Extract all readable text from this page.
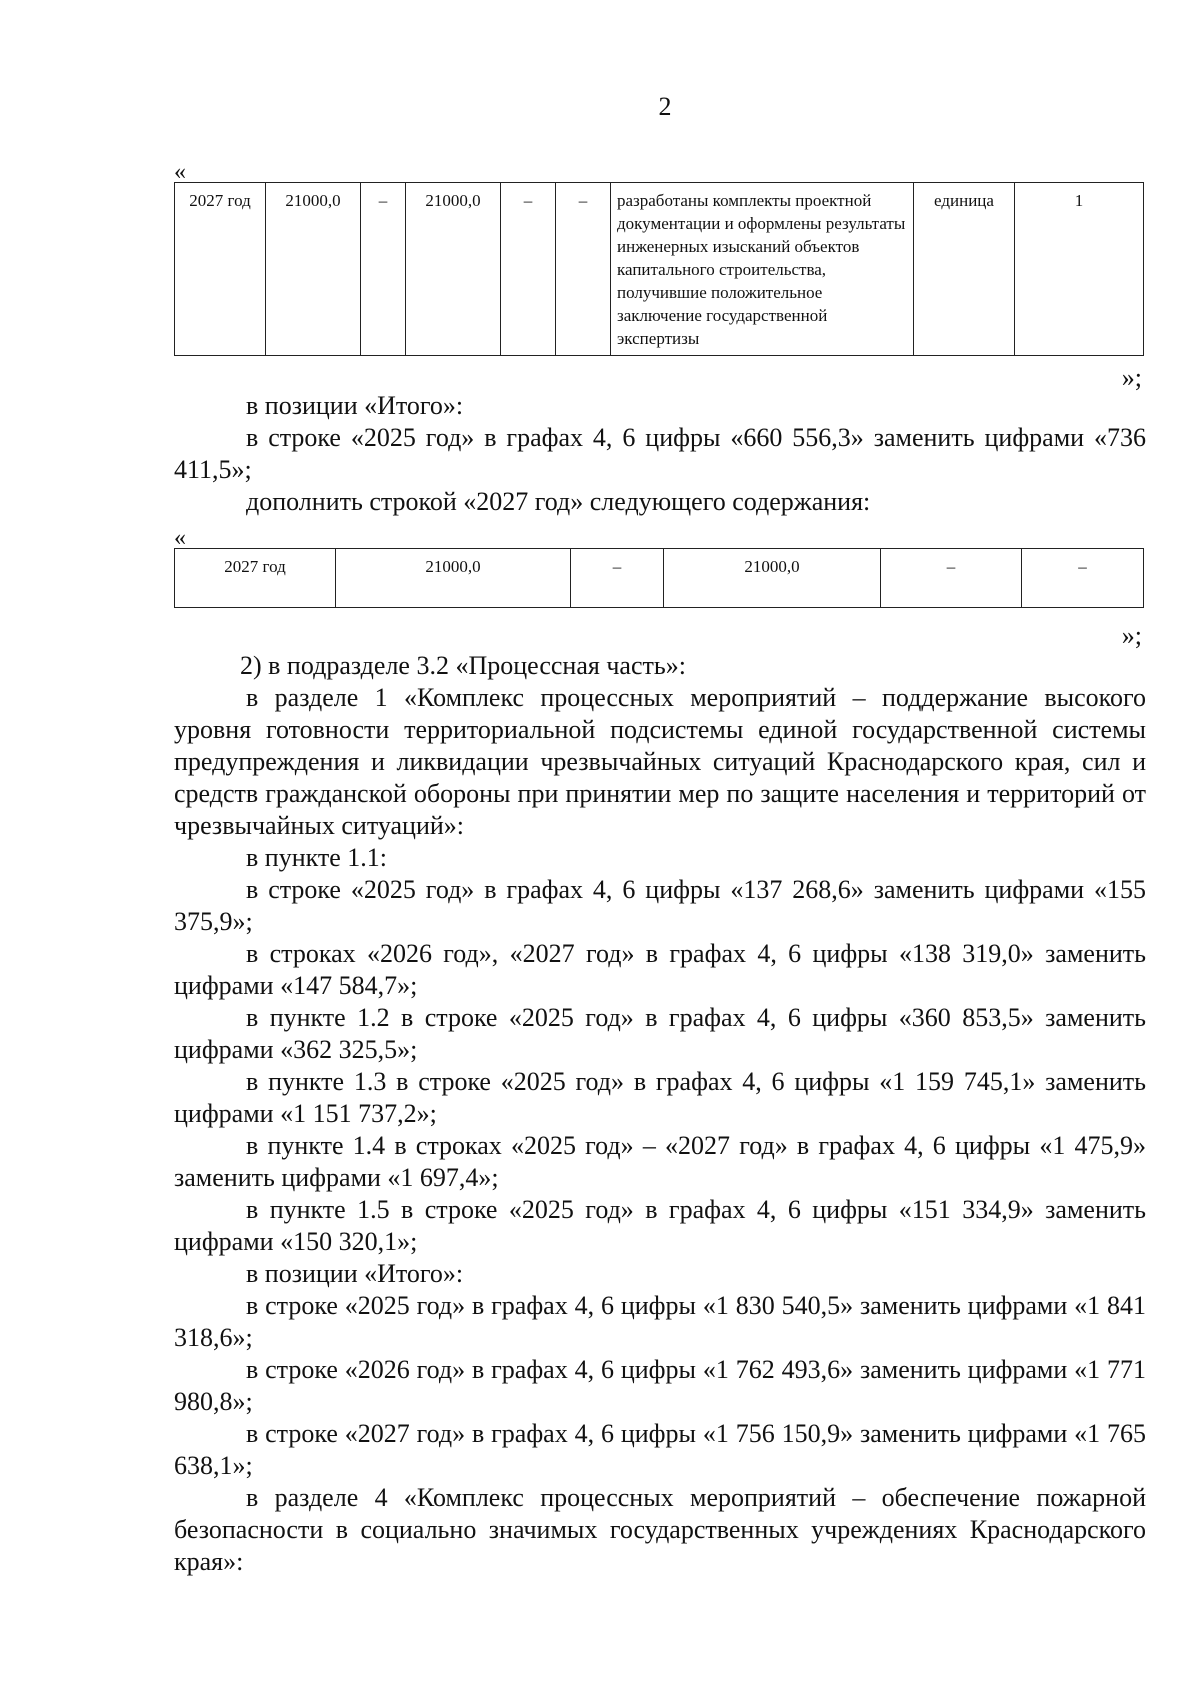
2
«
2027 год	21000,0	–	21000,0	–	–	разработаны комплекты проектной документации и оформлены результаты инженерных изысканий объектов капитального строительства, получившие положительное заключение государственной экспертизы	единица	1
»;
в позиции «Итого»:
в строке «2025 год» в графах 4, 6 цифры «660 556,3» заменить цифрами «736 411,5»;
дополнить строкой «2027 год» следующего содержания:
«
2027 год	21000,0	–	21000,0	–	–
»;
2) в подразделе 3.2 «Процессная часть»:
в разделе 1 «Комплекс процессных мероприятий – поддержание высокого уровня готовности территориальной подсистемы единой государственной системы предупреждения и ликвидации чрезвычайных ситуаций Краснодарского края, сил и средств гражданской обороны при принятии мер по защите населения и территорий от чрезвычайных ситуаций»:
в пункте 1.1:
в строке «2025 год» в графах 4, 6 цифры «137 268,6» заменить цифрами «155 375,9»;
в строках «2026 год», «2027 год» в графах 4, 6 цифры «138 319,0» заменить цифрами «147 584,7»;
в пункте 1.2 в строке «2025 год» в графах 4, 6 цифры «360 853,5» заменить цифрами «362 325,5»;
в пункте 1.3 в строке «2025 год» в графах 4, 6 цифры «1 159 745,1» заменить цифрами «1 151 737,2»;
в пункте 1.4 в строках «2025 год» – «2027 год» в графах 4, 6 цифры «1 475,9» заменить цифрами «1 697,4»;
в пункте 1.5 в строке «2025 год» в графах 4, 6 цифры «151 334,9» заменить цифрами «150 320,1»;
в позиции «Итого»:
в строке «2025 год» в графах 4, 6 цифры «1 830 540,5» заменить цифрами «1 841 318,6»;
в строке «2026 год» в графах 4, 6 цифры «1 762 493,6» заменить цифрами «1 771 980,8»;
в строке «2027 год» в графах 4, 6 цифры «1 756 150,9» заменить цифрами «1 765 638,1»;
в разделе 4 «Комплекс процессных мероприятий – обеспечение пожарной безопасности в социально значимых государственных учреждениях Краснодарского края»:
